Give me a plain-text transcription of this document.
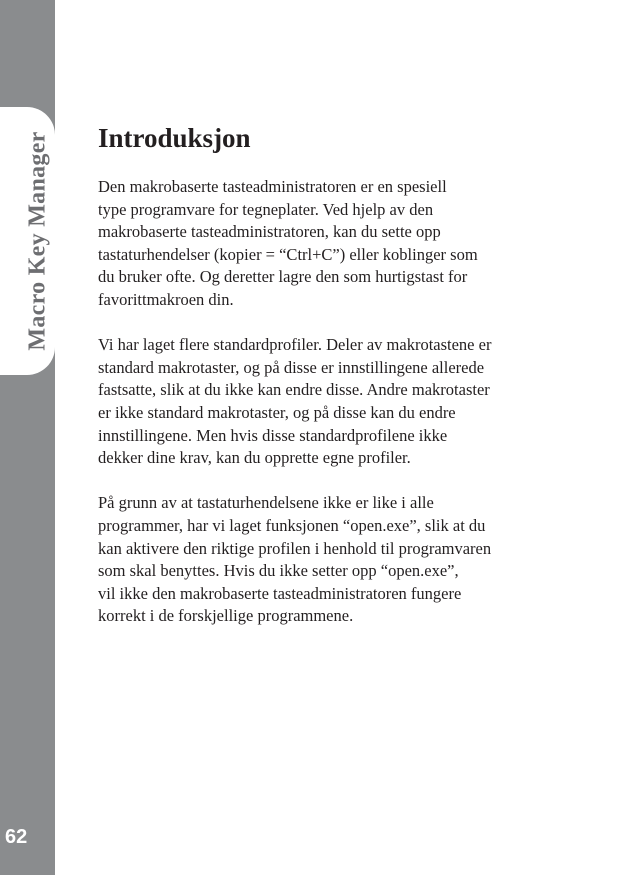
Macro Key Manager
62
Introduksjon

Den makrobaserte tasteadministratoren er en spesiell
type programvare for tegneplater. Ved hjelp av den
makrobaserte tasteadministratoren, kan du sette opp
tastaturhendelser (kopier = “Ctrl+C”) eller koblinger som
du bruker ofte. Og deretter lagre den som hurtigstast for
favorittmakroen din.

Vi har laget flere standardprofiler. Deler av makrotastene er
standard makrotaster, og på disse er innstillingene allerede
fastsatte, slik at du ikke kan endre disse. Andre makrotaster
er ikke standard makrotaster, og på disse kan du endre
innstillingene. Men hvis disse standardprofilene ikke
dekker dine krav, kan du opprette egne profiler.

På grunn av at tastaturhendelsene ikke er like i alle
programmer, har vi laget funksjonen “open.exe”, slik at du
kan aktivere den riktige profilen i henhold til programvaren
som skal benyttes. Hvis du ikke setter opp “open.exe”,
vil ikke den makrobaserte tasteadministratoren fungere
korrekt i de forskjellige programmene.
